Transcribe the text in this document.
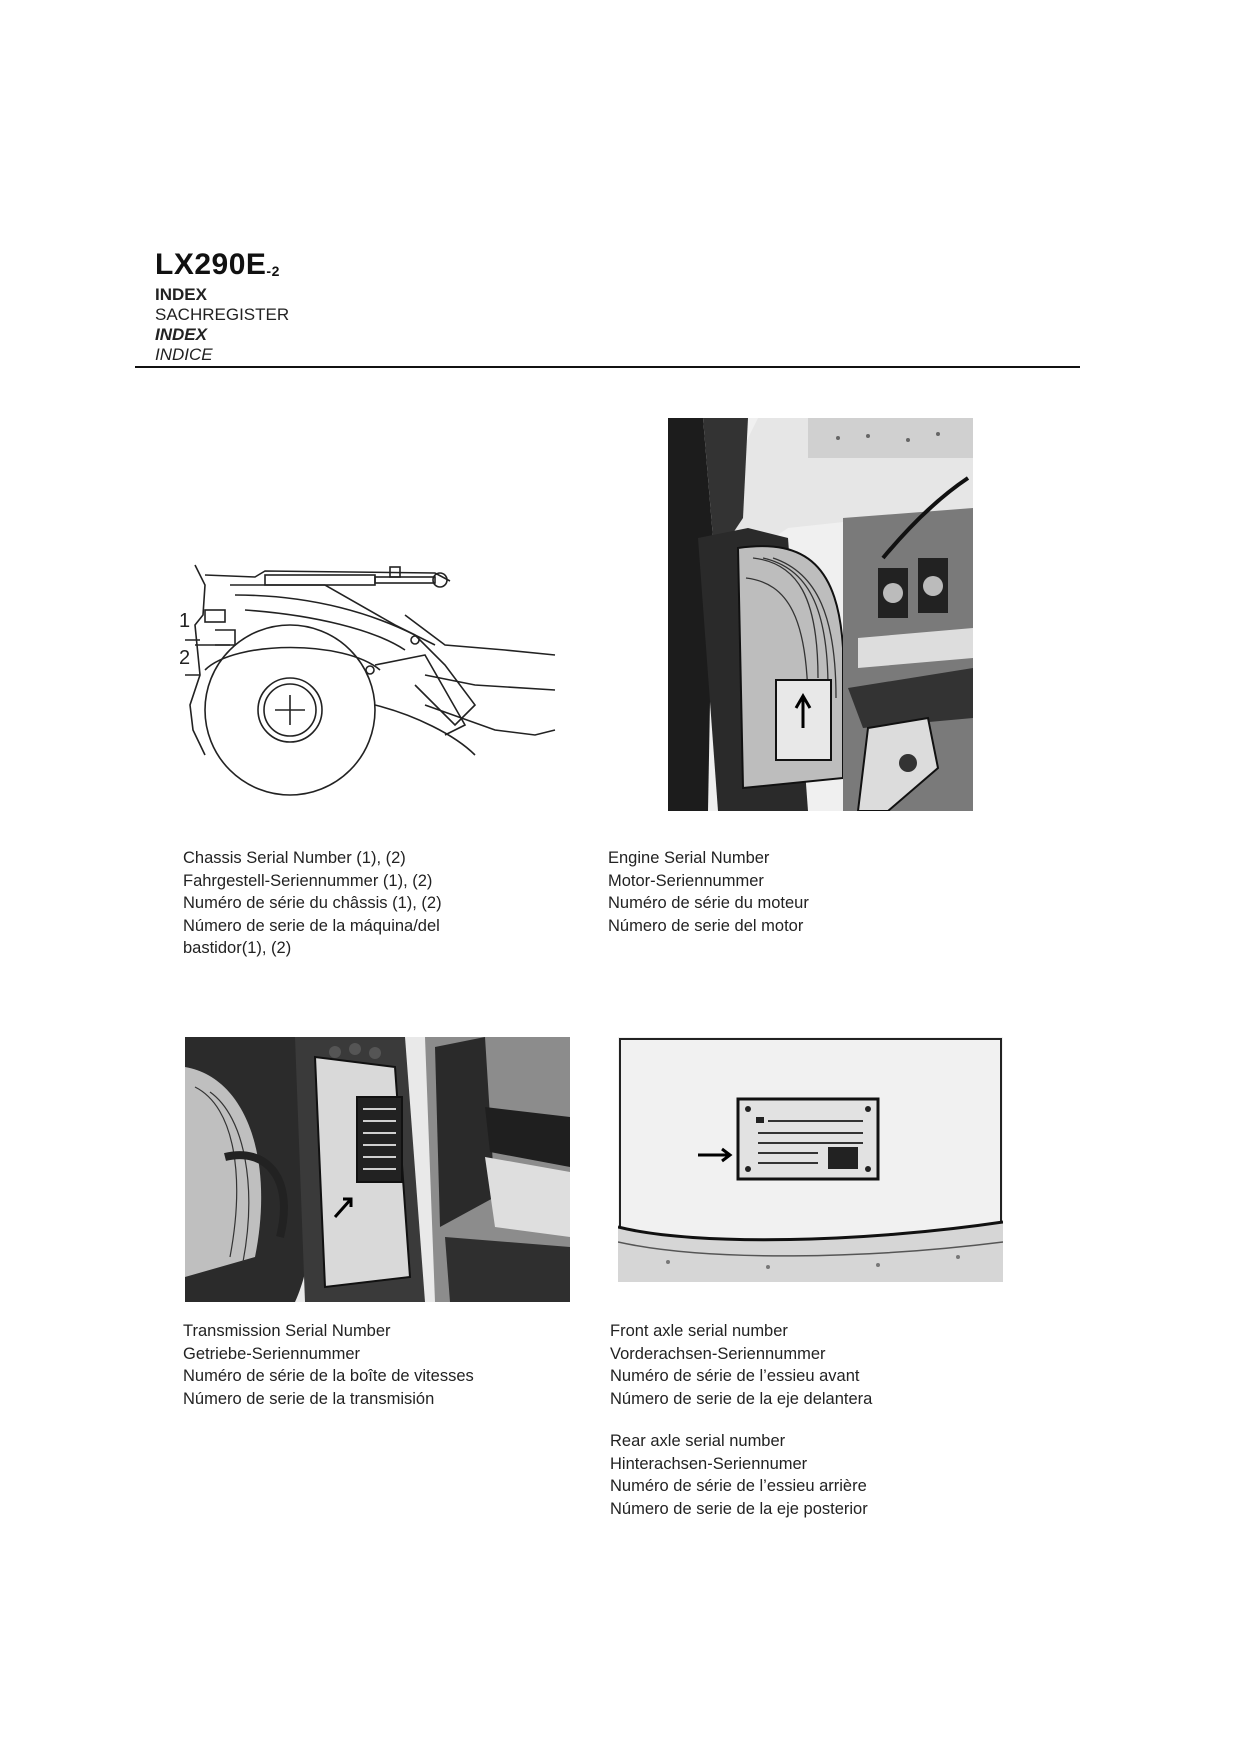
LX290E-2
INDEX
SACHREGISTER
INDEX
INDICE
1
2
Chassis Serial Number (1), (2)
Fahrgestell-Seriennummer (1), (2)
Numéro de série du châssis (1), (2)
Número de serie de la máquina/del
bastidor(1), (2)
Engine Serial Number
Motor-Seriennummer
Numéro de série du moteur
Número de serie del motor
Transmission Serial Number
Getriebe-Seriennummer
Numéro de série de la boîte de vitesses
Número de serie de la transmisión
Front axle serial number
Vorderachsen-Seriennummer
Numéro de série de l’essieu avant
Número de serie de la eje delantera
Rear axle serial number
Hinterachsen-Seriennumer
Numéro de série de l’essieu arrière
Número de serie de la eje posterior
